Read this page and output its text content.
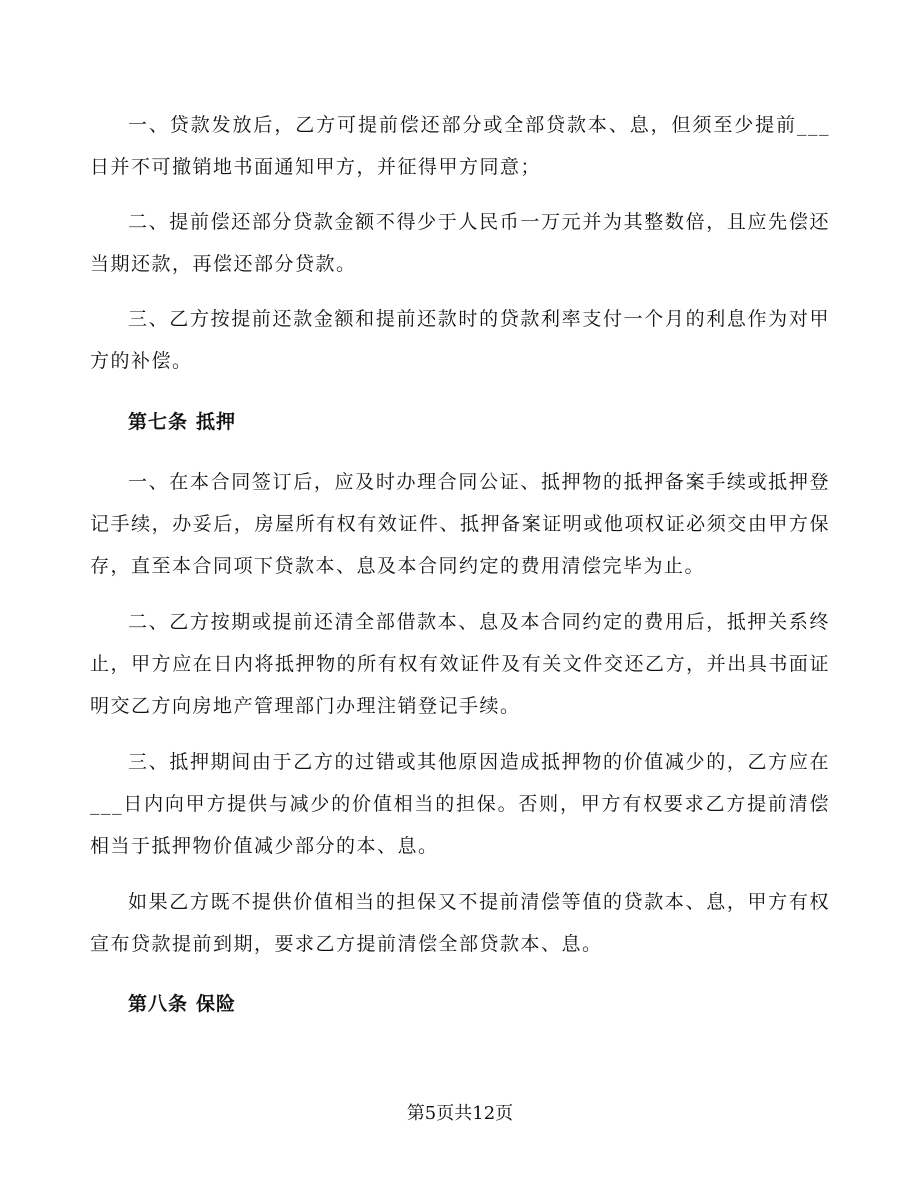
一、贷款发放后，乙方可提前偿还部分或全部贷款本、息，但须至少提前___日并不可撤销地书面通知甲方，并征得甲方同意；

二、提前偿还部分贷款金额不得少于人民币一万元并为其整数倍，且应先偿还当期还款，再偿还部分贷款。

三、乙方按提前还款金额和提前还款时的贷款利率支付一个月的利息作为对甲方的补偿。

第七条 抵押

一、在本合同签订后，应及时办理合同公证、抵押物的抵押备案手续或抵押登记手续，办妥后，房屋所有权有效证件、抵押备案证明或他项权证必须交由甲方保存，直至本合同项下贷款本、息及本合同约定的费用清偿完毕为止。

二、乙方按期或提前还清全部借款本、息及本合同约定的费用后，抵押关系终止，甲方应在日内将抵押物的所有权有效证件及有关文件交还乙方，并出具书面证明交乙方向房地产管理部门办理注销登记手续。

三、抵押期间由于乙方的过错或其他原因造成抵押物的价值减少的，乙方应在___日内向甲方提供与减少的价值相当的担保。否则，甲方有权要求乙方提前清偿相当于抵押物价值减少部分的本、息。

如果乙方既不提供价值相当的担保又不提前清偿等值的贷款本、息，甲方有权宣布贷款提前到期，要求乙方提前清偿全部贷款本、息。

第八条 保险
第5页共12页
